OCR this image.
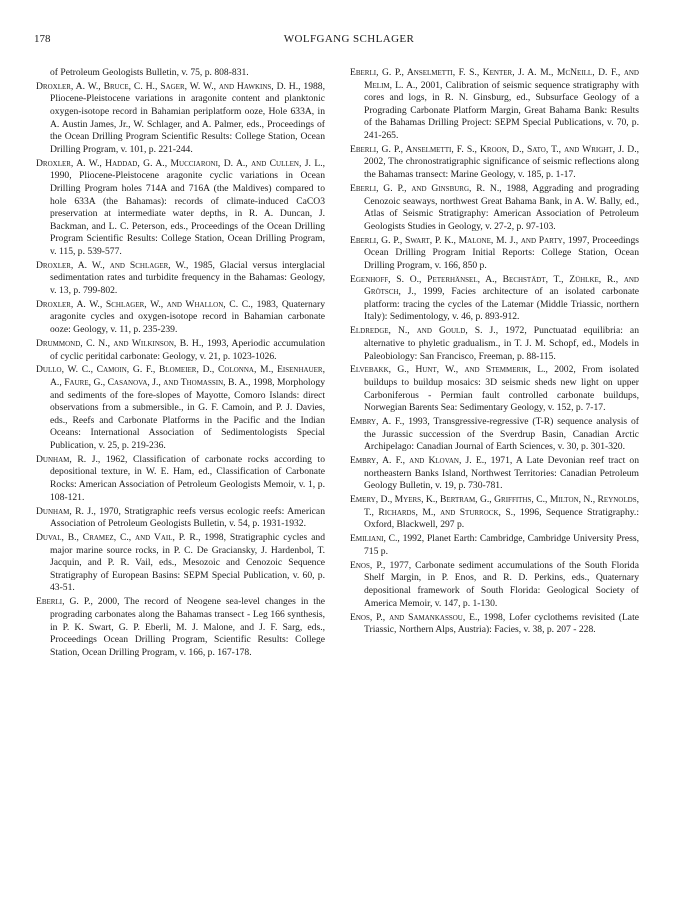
178	WOLFGANG SCHLAGER

of Petroleum Geologists Bulletin, v. 75, p. 808-831.

Droxler, A. W., Bruce, C. H., Sager, W. W., and Hawkins, D. H., 1988, Pliocene-Pleistocene variations in aragonite content and planktonic oxygen-isotope record in Bahamian periplatform ooze, Hole 633A, in A. Austin James, Jr., W. Schlager, and A. Palmer, eds., Proceedings of the Ocean Drilling Program Scientific Results: College Station, Ocean Drilling Program, v. 101, p. 221-244.

Droxler, A. W., Haddad, G. A., Mucciaroni, D. A., and Cullen, J. L., 1990, Pliocene-Pleistocene aragonite cyclic variations in Ocean Drilling Program holes 714A and 716A (the Maldives) compared to hole 633A (the Bahamas): records of climate-induced CaCO3 preservation at intermediate water depths, in R. A. Duncan, J. Backman, and L. C. Peterson, eds., Proceedings of the Ocean Drilling Program Scientific Results: College Station, Ocean Drilling Program, v. 115, p. 539-577.

Droxler, A. W., and Schlager, W., 1985, Glacial versus interglacial sedimentation rates and turbidite frequency in the Bahamas: Geology, v. 13, p. 799-802.

Droxler, A. W., Schlager, W., and Whallon, C. C., 1983, Quaternary aragonite cycles and oxygen-isotope record in Bahamian carbonate ooze: Geology, v. 11, p. 235-239.

Drummond, C. N., and Wilkinson, B. H., 1993, Aperiodic accumulation of cyclic peritidal carbonate: Geology, v. 21, p. 1023-1026.

Dullo, W. C., Camoin, G. F., Blomeier, D., Colonna, M., Eisenhauer, A., Faure, G., Casanova, J., and Thomassin, B. A., 1998, Morphology and sediments of the fore-slopes of Mayotte, Comoro Islands: direct observations from a submersible., in G. F. Camoin, and P. J. Davies, eds., Reefs and Carbonate Platforms in the Pacific and the Indian Oceans: International Association of Sedimentologists Special Publication, v. 25, p. 219-236.

Dunham, R. J., 1962, Classification of carbonate rocks according to depositional texture, in W. E. Ham, ed., Classification of Carbonate Rocks: American Association of Petroleum Geologists Memoir, v. 1, p. 108-121.

Dunham, R. J., 1970, Stratigraphic reefs versus ecologic reefs: American Association of Petroleum Geologists Bulletin, v. 54, p. 1931-1932.

Duval, B., Cramez, C., and Vail, P. R., 1998, Stratigraphic cycles and major marine source rocks, in P. C. De Graciansky, J. Hardenbol, T. Jacquin, and P. R. Vail, eds., Mesozoic and Cenozoic Sequence Stratigraphy of European Basins: SEPM Special Publication, v. 60, p. 43-51.

Eberli, G. P., 2000, The record of Neogene sea-level changes in the prograding carbonates along the Bahamas transect - Leg 166 synthesis, in P. K. Swart, G. P. Eberli, M. J. Malone, and J. F. Sarg, eds., Proceedings Ocean Drilling Program, Scientific Results: College Station, Ocean Drilling Program, v. 166, p. 167-178.

Eberli, G. P., Anselmetti, F. S., Kenter, J. A. M., McNeill, D. F., and Melim, L. A., 2001, Calibration of seismic sequence stratigraphy with cores and logs, in R. N. Ginsburg, ed., Subsurface Geology of a Prograding Carbonate Platform Margin, Great Bahama Bank: Results of the Bahamas Drilling Project: SEPM Special Publications, v. 70, p. 241-265.

Eberli, G. P., Anselmetti, F. S., Kroon, D., Sato, T., and Wright, J. D., 2002, The chronostratigraphic significance of seismic reflections along the Bahamas transect: Marine Geology, v. 185, p. 1-17.

Eberli, G. P., and Ginsburg, R. N., 1988, Aggrading and prograding Cenozoic seaways, northwest Great Bahama Bank, in A. W. Bally, ed., Atlas of Seismic Stratigraphy: American Association of Petroleum Geologists Studies in Geology, v. 27-2, p. 97-103.

Eberli, G. P., Swart, P. K., Malone, M. J., and Party, 1997, Proceedings Ocean Drilling Program Initial Reports: College Station, Ocean Drilling Program, v. 166, 850 p.

Egenhoff, S. O., Peterhänsel, A., Bechstädt, T., Zühlke, R., and Grötsch, J., 1999, Facies architecture of an isolated carbonate platform: tracing the cycles of the Latemar (Middle Triassic, northern Italy): Sedimentology, v. 46, p. 893-912.

Eldredge, N., and Gould, S. J., 1972, Punctuatad equilibria: an alternative to phyletic gradualism., in T. J. M. Schopf, ed., Models in Paleobiology: San Francisco, Freeman, p. 88-115.

Elvebakk, G., Hunt, W., and Stemmerik, L., 2002, From isolated buildups to buildup mosaics: 3D seismic sheds new light on upper Carboniferous - Permian fault controlled carbonate buildups, Norwegian Barents Sea: Sedimentary Geology, v. 152, p. 7-17.

Embry, A. F., 1993, Transgressive-regressive (T-R) sequence analysis of the Jurassic succession of the Sverdrup Basin, Canadian Arctic Archipelago: Canadian Journal of Earth Sciences, v. 30, p. 301-320.

Embry, A. F., and Klovan, J. E., 1971, A Late Devonian reef tract on northeastern Banks Island, Northwest Territories: Canadian Petroleum Geology Bulletin, v. 19, p. 730-781.

Emery, D., Myers, K., Bertram, G., Griffiths, C., Milton, N., Reynolds, T., Richards, M., and Sturrock, S., 1996, Sequence Stratigraphy.: Oxford, Blackwell, 297 p.

Emiliani, C., 1992, Planet Earth: Cambridge, Cambridge University Press, 715 p.

Enos, P., 1977, Carbonate sediment accumulations of the South Florida Shelf Margin, in P. Enos, and R. D. Perkins, eds., Quaternary depositional framework of South Florida: Geological Society of America Memoir, v. 147, p. 1-130.

Enos, P., and Samankassou, E., 1998, Lofer cyclothems revisited (Late Triassic, Northern Alps, Austria): Facies, v. 38, p. 207 - 228.
